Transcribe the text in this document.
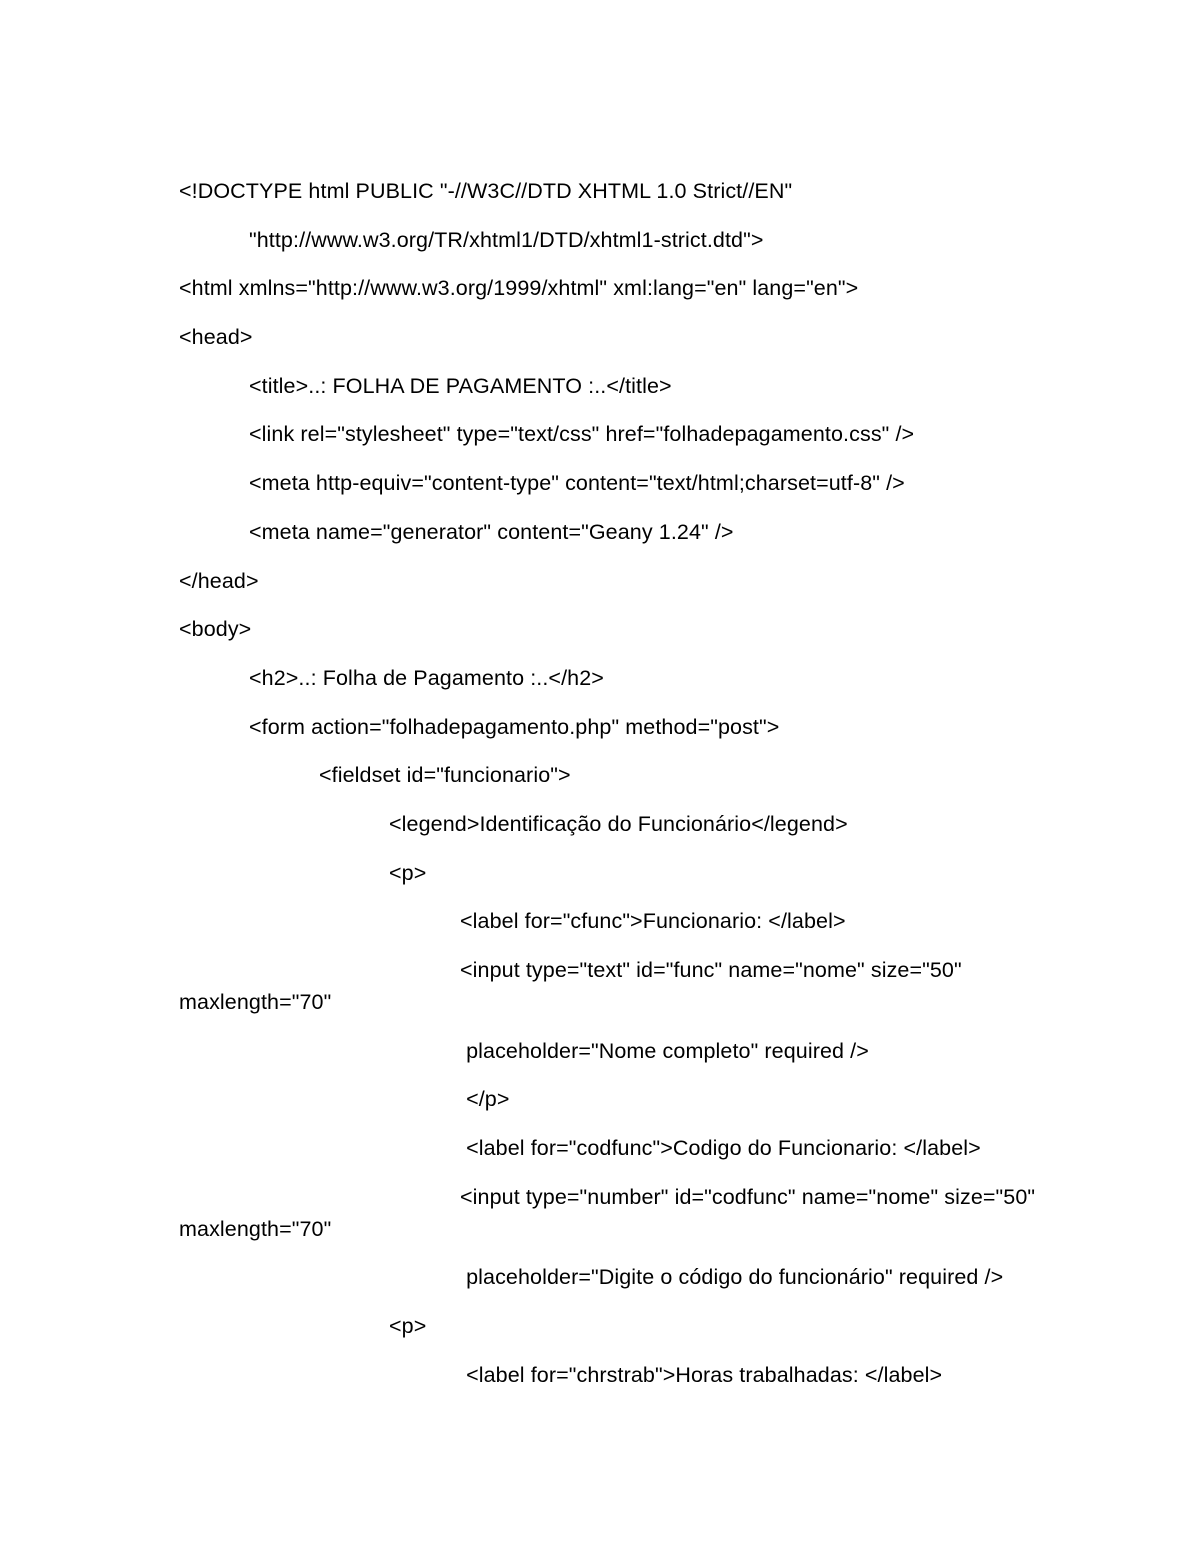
<!DOCTYPE html PUBLIC "-//W3C//DTD XHTML 1.0 Strict//EN"
"http://www.w3.org/TR/xhtml1/DTD/xhtml1-strict.dtd">
<html xmlns="http://www.w3.org/1999/xhtml" xml:lang="en" lang="en">
<head>
<title>..: FOLHA DE PAGAMENTO :..</title>
<link rel="stylesheet" type="text/css" href="folhadepagamento.css" />
<meta http-equiv="content-type" content="text/html;charset=utf-8" />
<meta name="generator" content="Geany 1.24" />
</head>
<body>
<h2>..: Folha de Pagamento :..</h2>
<form action="folhadepagamento.php" method="post">
<fieldset id="funcionario">
<legend>Identificação do Funcionário</legend>
<p>
<label for="cfunc">Funcionario: </label>
<input type="text" id="func" name="nome" size="50"
maxlength="70"
placeholder="Nome completo" required />
</p>
<label for="codfunc">Codigo do Funcionario: </label>
<input type="number" id="codfunc" name="nome" size="50"
maxlength="70"
placeholder="Digite o código do funcionário" required />
<p>
<label for="chrstrab">Horas trabalhadas: </label>
